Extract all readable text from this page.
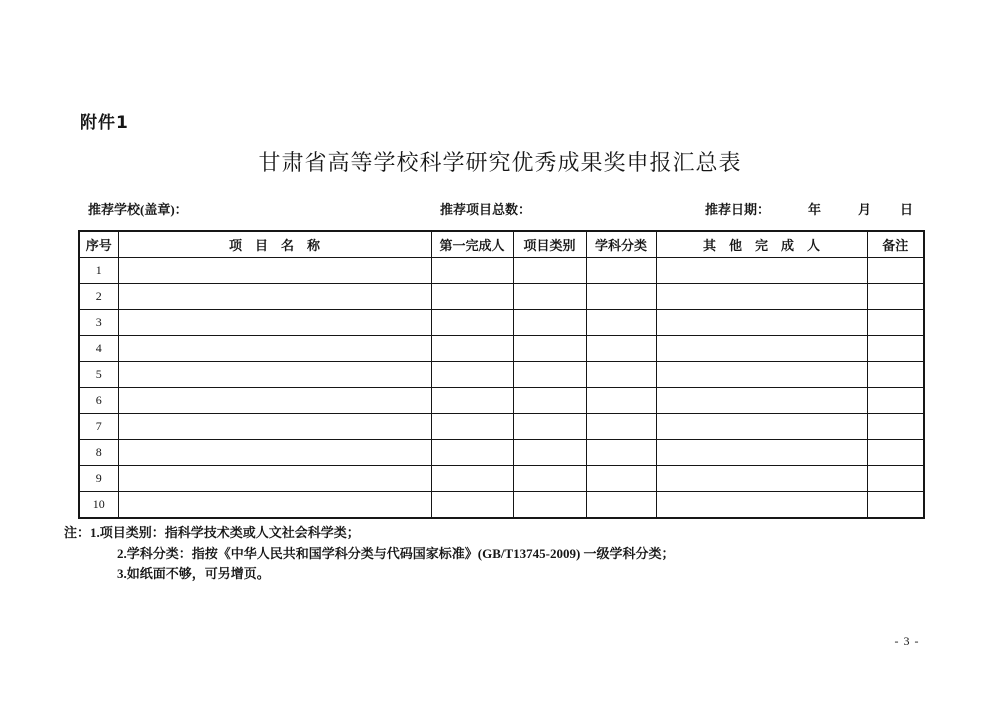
附件1
甘肃省高等学校科学研究优秀成果奖申报汇总表
推荐学校(盖章)：	推荐项目总数：	推荐日期：	年	月 日
序号	项　目　名　称	第一完成人	项目类别	学科分类	其　他　完　成　人	备注
1						
2						
3						
4						
5						
6						
7						
8						
9						
10						
注：1.项目类别：指科学技术类或人文社会科学类；
2.学科分类：指按《中华人民共和国学科分类与代码国家标准》(GB/T13745-2009) 一级学科分类；
3.如纸面不够，可另增页。
- 3 -
